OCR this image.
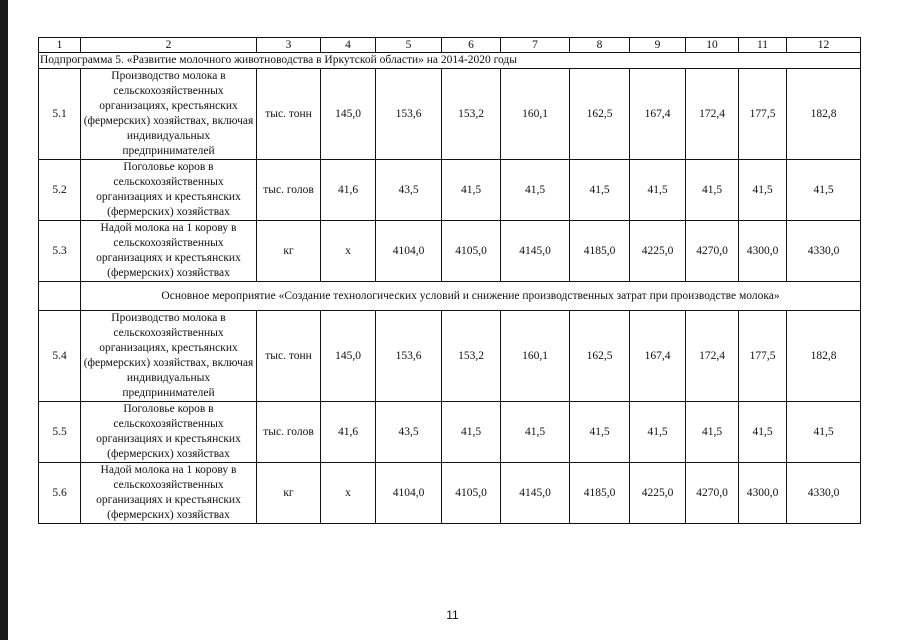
1	2	3	4	5	6	7	8	9	10	11	12
Подпрограмма 5. «Развитие молочного животноводства в Иркутской области» на 2014-2020 годы											
5.1	Производство молока в сельскохозяйственных организациях, крестьянских (фермерских) хозяйствах, включая индивидуальных предпринимателей	тыс. тонн	145,0	153,6	153,2	160,1	162,5	167,4	172,4	177,5	182,8
5.2	Поголовье коров в сельскохозяйственных организациях и крестьянских (фермерских) хозяйствах	тыс. голов	41,6	43,5	41,5	41,5	41,5	41,5	41,5	41,5	41,5
5.3	Надой молока на 1 корову в сельскохозяйственных организациях и крестьянских (фермерских) хозяйствах	кг	x	4104,0	4105,0	4145,0	4185,0	4225,0	4270,0	4300,0	4330,0
	Основное мероприятие «Создание технологических условий и снижение производственных затрат при производстве молока»										
5.4	Производство молока в сельскохозяйственных организациях, крестьянских (фермерских) хозяйствах, включая индивидуальных предпринимателей	тыс. тонн	145,0	153,6	153,2	160,1	162,5	167,4	172,4	177,5	182,8
5.5	Поголовье коров в сельскохозяйственных организациях и крестьянских (фермерских) хозяйствах	тыс. голов	41,6	43,5	41,5	41,5	41,5	41,5	41,5	41,5	41,5
5.6	Надой молока на 1 корову в сельскохозяйственных организациях и крестьянских (фермерских) хозяйствах	кг	x	4104,0	4105,0	4145,0	4185,0	4225,0	4270,0	4300,0	4330,0
11
